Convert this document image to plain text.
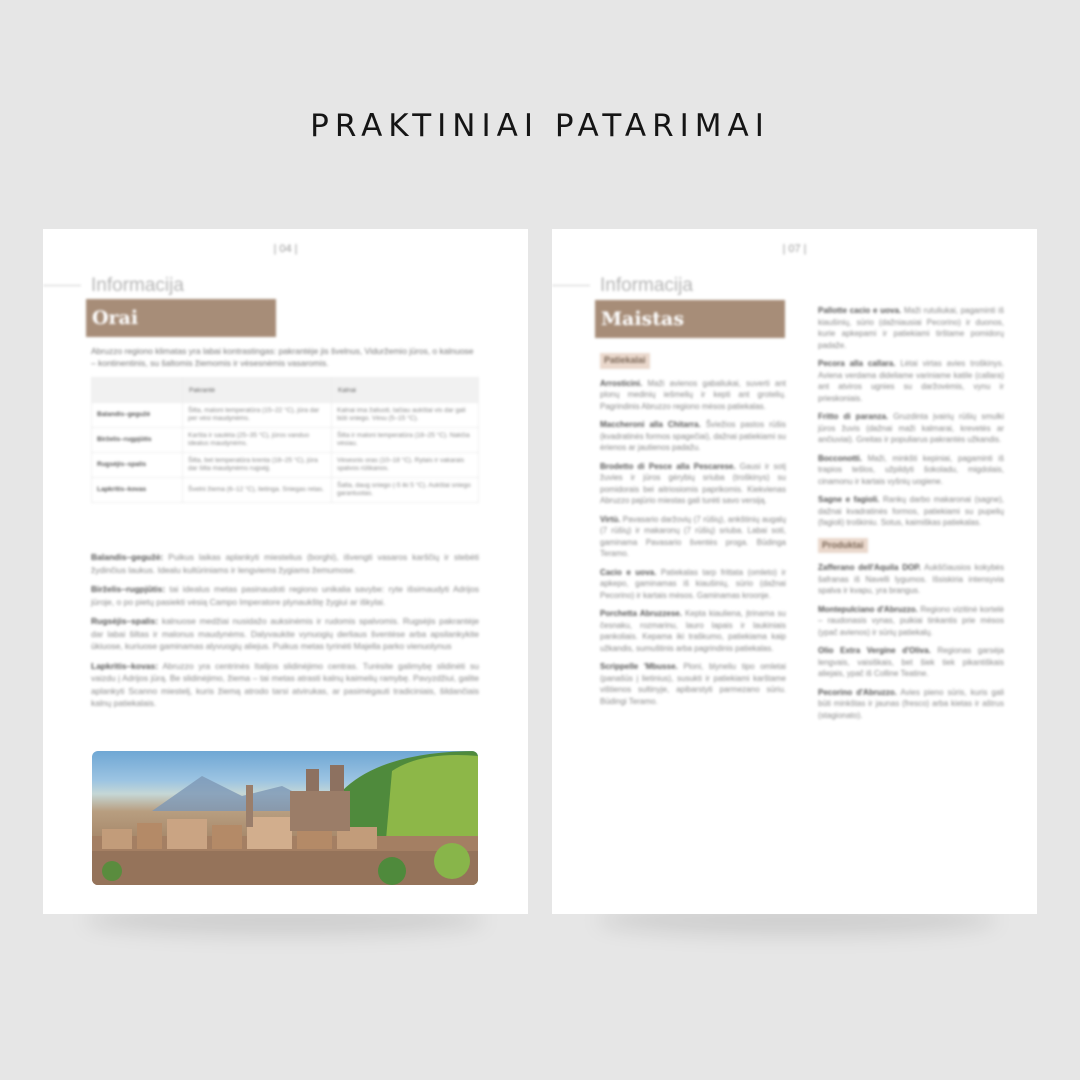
PRAKTINIAI PATARIMAI
| 04 |
Informacija
Orai
Abruzzo regiono klimatas yra labai kontrastingas: pakrantėje jis švelnus, Viduržemio jūros, o kalnuose – kontinentinis, su šaltomis žiemomis ir vėsesnėmis vasaromis.
	Pakrantė	Kalnai
Balandis–gegužė	Šilta, maloni temperatūra (15–22 °C), jūra dar per vėsi maudynėms.	Kalnai ima žaliuoti, tačiau aukštai vis dar gali būti sniego. Vėsu (5–15 °C).
Birželis–rugpjūtis	Karšta ir saulėta (25–35 °C), jūros vanduo idealus maudynėms.	Šilta ir maloni temperatūra (18–25 °C). Nakčia vėsiau.
Rugsėjis–spalis	Šilta, bet temperatūra krenta (18–25 °C), jūra dar šilta maudynėms rugsėjį.	Vėsesnis oras (10–18 °C). Rytais ir vakarais spalvos rūškanos.
Lapkritis–kovas	Švelni žiema (6–12 °C), lietinga. Sniegas retas.	Šalta, daug sniego (-5 iki 5 °C). Aukštai sniego garantuotas.
Balandis–gegužė: Puikus laikas aplankyti miestelius (borghi), išvengti vasaros karščių ir stebėti žydinčius laukus. Idealu kultūriniams ir lengviems žygiams žemumose.
Birželis–rugpjūtis: tai idealus metas pasinaudoti regiono unikalia savybe: ryte išsimaudyti Adrijos jūroje, o po pietų pasiekti vėsią Campo Imperatore plynaukštę žygiui ar iškylai.
Rugsėjis–spalis: kalnuose medžiai nusidažo auksinėmis ir rudomis spalvomis. Rugsėjis pakrantėje dar labai šiltas ir malonus maudynėms. Dalyvaukite vynuogių derliaus šventėse arba apsilankykite ūkiuose, kuriuose gaminamas alyvuogių aliejus. Puikus metas tyrinėti Majella parko vienuolynus
Lapkritis–kovas: Abruzzo yra centrinės Italijos slidinėjimo centras. Turėsite galimybę slidinėti su vaizdu į Adrijos jūrą. Be slidinėjimo, žiema – tai metas atrasti kalnų kaimelių ramybę. Pavyzdžiui, galite aplankyti Scanno miestelį, kuris žiemą atrodo tarsi atvirukas, ar pasimėgauti tradiciniais, šildančiais kalnų patiekalais.
| 07 |
Informacija
Maistas
Patiekalai
Arrosticini. Maži avienos gabaliukai, suverti ant plonų medinių iešmelių ir kepti ant grotelių. Pagrindinis Abruzzo regiono mėsos patiekalas.
Maccheroni alla Chitarra. Šviežios pastos rūšis (kvadratinės formos spagečiai), dažnai patiekiami su ėrienos ar jautienos padažu.
Brodetto di Pesce alla Pescarese. Gausi ir sotį žuvies ir jūros gėrybių sriuba (troškinys) su pomidorais bei aitriosiomis paprikomis. Kiekvienas Abruzzo pajūrio miestas gali turėti savo versiją.
Virtù. Pavasario daržovių (7 rūšių), ankštinių augalų (7 rūšių) ir makaronų (7 rūšių) sriuba. Labai soti, gaminama Pavasario šventės proga. Būdinga Teramo.
Cacio e uova. Patiekalas tarp frittata (omleto) ir apkepo, gaminamas iš kiaušinių, sūrio (dažnai Pecorino) ir kartais mėsos. Gaminamas kroonje.
Porchetta Abruzzese. Kepta kiauliena, įtrinama su česnaku, rozmarinu, lauro lapais ir laukiniais pankoliais. Kepama iki traškumo, patiekiama kaip užkandis, sumuštinis arba pagrindinis patiekalas.
Scrippelle 'Mbusse. Ploni, blyneliu tipo omletai (panašūs į lietinius), susukti ir patiekiami karštame vištienos sultinyje, apibarstyti parmezano sūriu. Būdingi Teramo.
Pallotte cacio e uova. Maži rutuliukai, pagaminti iš kiaušinių, sūrio (dažniausiai Pecorino) ir duonos, kurie apkepami ir patiekiami tirštame pomidorų padaže.
Pecora alla callara. Lėtai virtas avies troškinys. Aviena verdama dideliame variniame katile (callara) ant atviros ugnies su daržovėmis, vynu ir prieskoniais.
Fritto di paranza. Gruzdinta įvairių rūšių smulki jūros žuvis (dažnai maži kalmarai, krevetės ar ančiuviai). Greitas ir populiarus pakrantės užkandis.
Bocconotti. Maži, minkšti kepiniai, pagaminti iš trapios tešlos, užpildyti šokoladu, migdolais, cinamonu ir kartais vyšnių uogiene.
Sagne e fagioli. Rankų darbo makaronai (sagne), dažnai kvadratinės formos, patiekiami su pupelių (fagioli) troškiniu. Sotus, kaimiškas patiekalas.
Produktai
Zafferano dell'Aquila DOP. Aukščiausios kokybės šafranas iš Navelli lygumos. Išsiskiria intensyvia spalva ir kvapu, yra brangus.
Montepulciano d'Abruzzo. Regiono vizitinė kortelė – raudonasis vynas, puikiai tinkantis prie mėsos (ypač avienos) ir sūrių patiekalų.
Olio Extra Vergine d'Oliva. Regionas garsėja lengvais, vaisiškais, bet šiek tiek pikantiškais aliejais, ypač iš Colline Teatine.
Pecorino d'Abruzzo. Avies pieno sūris, kuris gali būti minkštas ir jaunas (fresco) arba kietas ir aštrus (stagionato).
